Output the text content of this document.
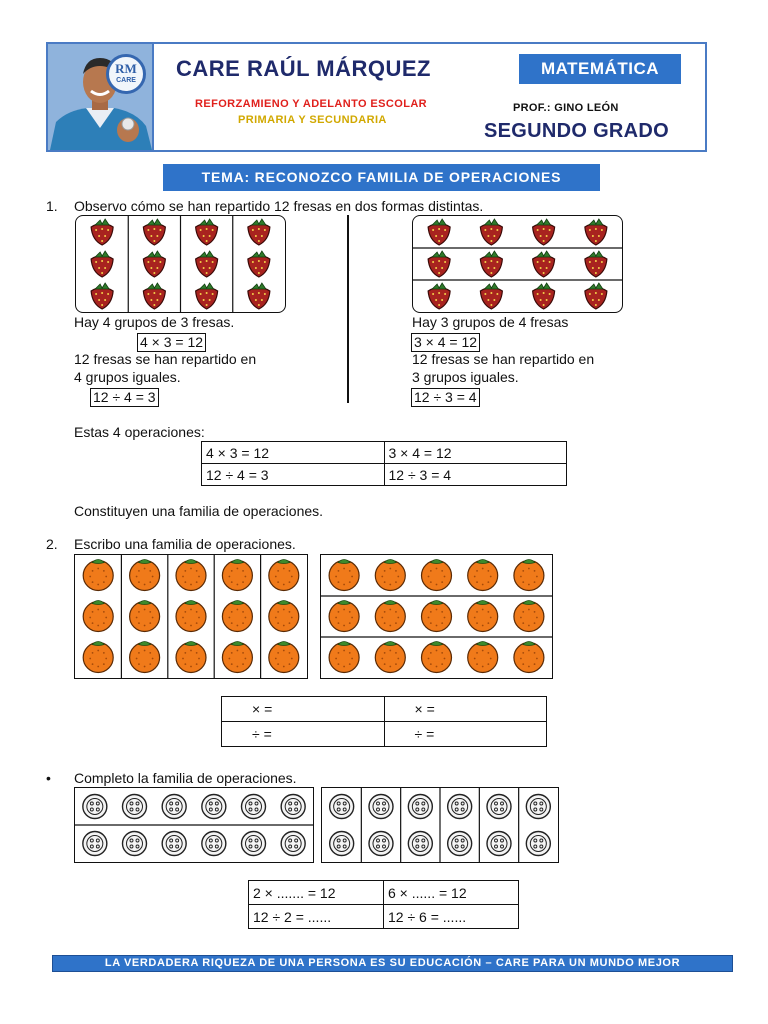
RM
CARE	CARE RAÚL MÁRQUEZ
REFORZAMIENO Y ADELANTO ESCOLAR
PRIMARIA Y SECUNDARIA
MATEMÁTICA
PROF.: GINO LEÓN
SEGUNDO GRADO
TEMA: RECONOZCO FAMILIA DE OPERACIONES
1. Observo cómo se han repartido 12 fresas en dos formas distintas.
Hay 4 grupos de 3 fresas.
4 × 3 = 12
12 fresas se han repartido en
4 grupos iguales.
12 ÷ 4 = 3
Hay 3 grupos de 4 fresas
3 × 4 = 12
12 fresas se han repartido en
3 grupos iguales.
12 ÷ 3 = 4
Estas 4 operaciones:
4 × 3 = 12	3 × 4 = 12
12 ÷ 4 = 3	12 ÷ 3 = 4
Constituyen una familia de operaciones.
2. Escribo una familia de operaciones.
× =	× =
÷ =	÷ =
• Completo la familia de operaciones.
2 × ....... = 12	6 × ...... = 12
12 ÷ 2 = ......	12 ÷ 6 = ......
LA VERDADERA RIQUEZA DE UNA PERSONA ES SU EDUCACIÓN – CARE PARA UN MUNDO MEJOR
